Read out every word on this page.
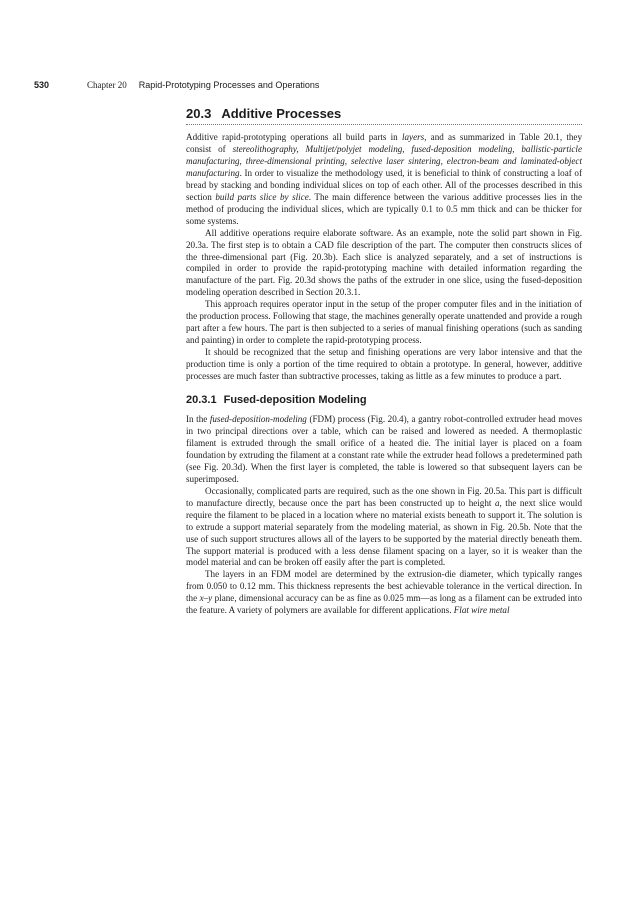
530	Chapter 20 Rapid-Prototyping Processes and Operations
20.3 Additive Processes

Additive rapid-prototyping operations all build parts in layers, and as summarized in Table 20.1, they consist of stereolithography, Multijet/polyjet modeling, fused-deposition modeling, ballistic-particle manufacturing, three-dimensional printing, selective laser sintering, electron-beam and laminated-object manufacturing. In order to visualize the methodology used, it is beneficial to think of constructing a loaf of bread by stacking and bonding individual slices on top of each other. All of the processes described in this section build parts slice by slice. The main difference between the various additive processes lies in the method of producing the individual slices, which are typically 0.1 to 0.5 mm thick and can be thicker for some systems.

All additive operations require elaborate software. As an example, note the solid part shown in Fig. 20.3a. The first step is to obtain a CAD file description of the part. The computer then constructs slices of the three-dimensional part (Fig. 20.3b). Each slice is analyzed separately, and a set of instructions is compiled in order to provide the rapid-prototyping machine with detailed information regarding the manufacture of the part. Fig. 20.3d shows the paths of the extruder in one slice, using the fused-deposition modeling operation described in Section 20.3.1.

This approach requires operator input in the setup of the proper computer files and in the initiation of the production process. Following that stage, the machines generally operate unattended and provide a rough part after a few hours. The part is then subjected to a series of manual finishing operations (such as sanding and painting) in order to complete the rapid-prototyping process.

It should be recognized that the setup and finishing operations are very labor intensive and that the production time is only a portion of the time required to obtain a prototype. In general, however, additive processes are much faster than subtractive processes, taking as little as a few minutes to produce a part.

20.3.1 Fused-deposition Modeling

In the fused-deposition-modeling (FDM) process (Fig. 20.4), a gantry robot-controlled extruder head moves in two principal directions over a table, which can be raised and lowered as needed. A thermoplastic filament is extruded through the small orifice of a heated die. The initial layer is placed on a foam foundation by extruding the filament at a constant rate while the extruder head follows a predetermined path (see Fig. 20.3d). When the first layer is completed, the table is lowered so that subsequent layers can be superimposed.

Occasionally, complicated parts are required, such as the one shown in Fig. 20.5a. This part is difficult to manufacture directly, because once the part has been constructed up to height a, the next slice would require the filament to be placed in a location where no material exists beneath to support it. The solution is to extrude a support material separately from the modeling material, as shown in Fig. 20.5b. Note that the use of such support structures allows all of the layers to be supported by the material directly beneath them. The support material is produced with a less dense filament spacing on a layer, so it is weaker than the model material and can be broken off easily after the part is completed.

The layers in an FDM model are determined by the extrusion-die diameter, which typically ranges from 0.050 to 0.12 mm. This thickness represents the best achievable tolerance in the vertical direction. In the x–y plane, dimensional accuracy can be as fine as 0.025 mm—as long as a filament can be extruded into the feature. A variety of polymers are available for different applications. Flat wire metal
